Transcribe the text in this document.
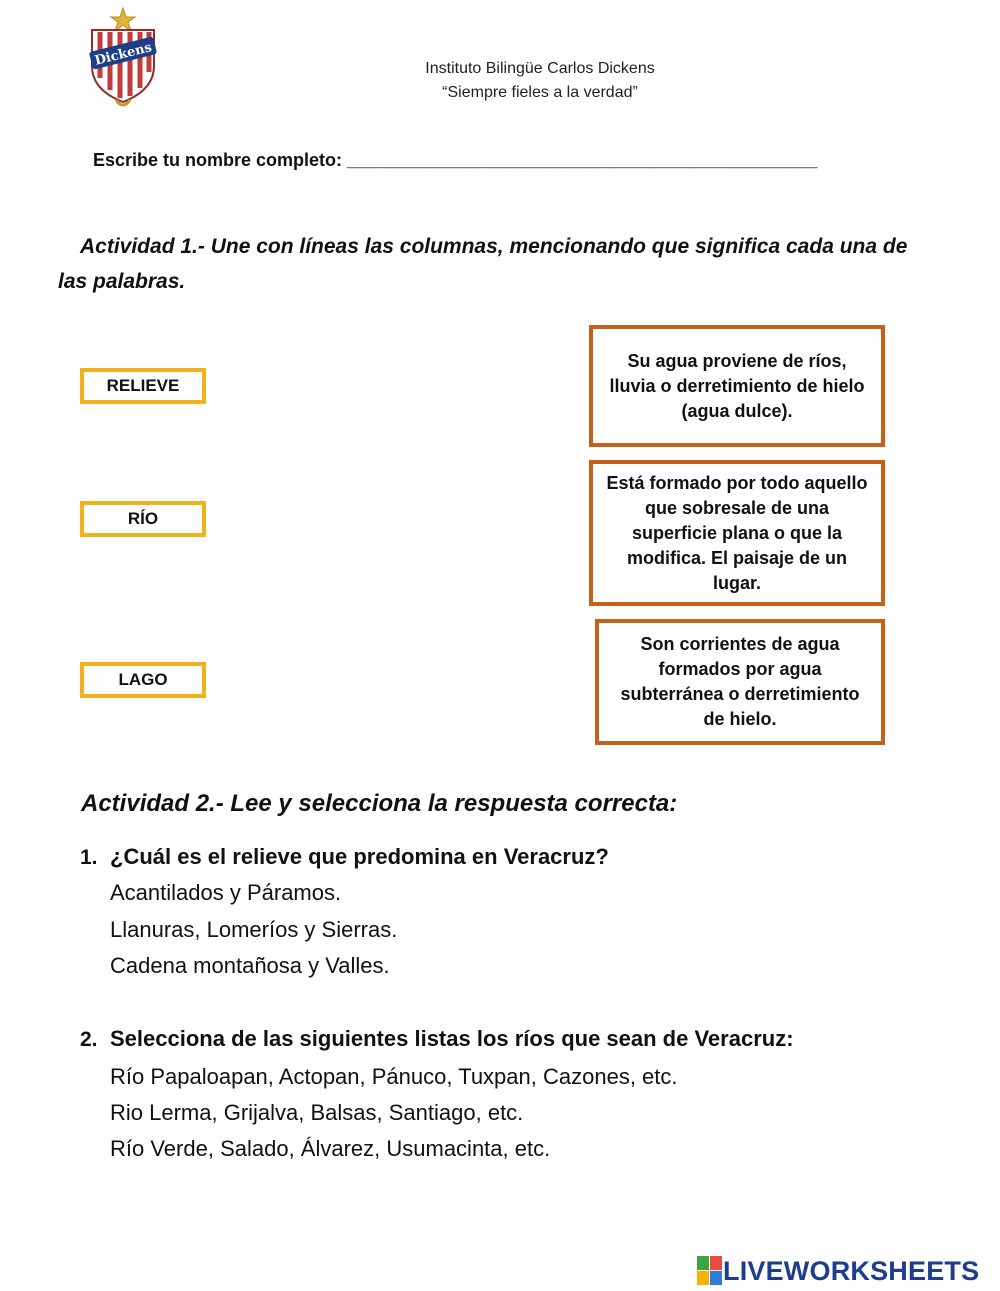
Dickens	Instituto Bilingüe Carlos Dickens
“Siempre fieles a la verdad”
Escribe tu nombre completo: _______________________________________________
Actividad 1.- Une con líneas las columnas, mencionando que significa cada una de las palabras.
RELIEVE
RÍO
LAGO
Su agua proviene de ríos, lluvia o derretimiento de hielo (agua dulce).
Está formado por todo aquello que sobresale de una superficie plana o que la modifica. El paisaje de un lugar.
Son corrientes de agua formados por agua subterránea o derretimiento de hielo.
Actividad 2.- Lee y selecciona la respuesta correcta:
1. ¿Cuál es el relieve que predomina en Veracruz?
Acantilados y Páramos.
Llanuras, Lomeríos y Sierras.
Cadena montañosa y Valles.
2. Selecciona de las siguientes listas los ríos que sean de Veracruz:
Río Papaloapan, Actopan, Pánuco, Tuxpan, Cazones, etc.
Rio Lerma, Grijalva, Balsas, Santiago, etc.
Río Verde, Salado, Álvarez, Usumacinta, etc.
LIVEWORKSHEETS
